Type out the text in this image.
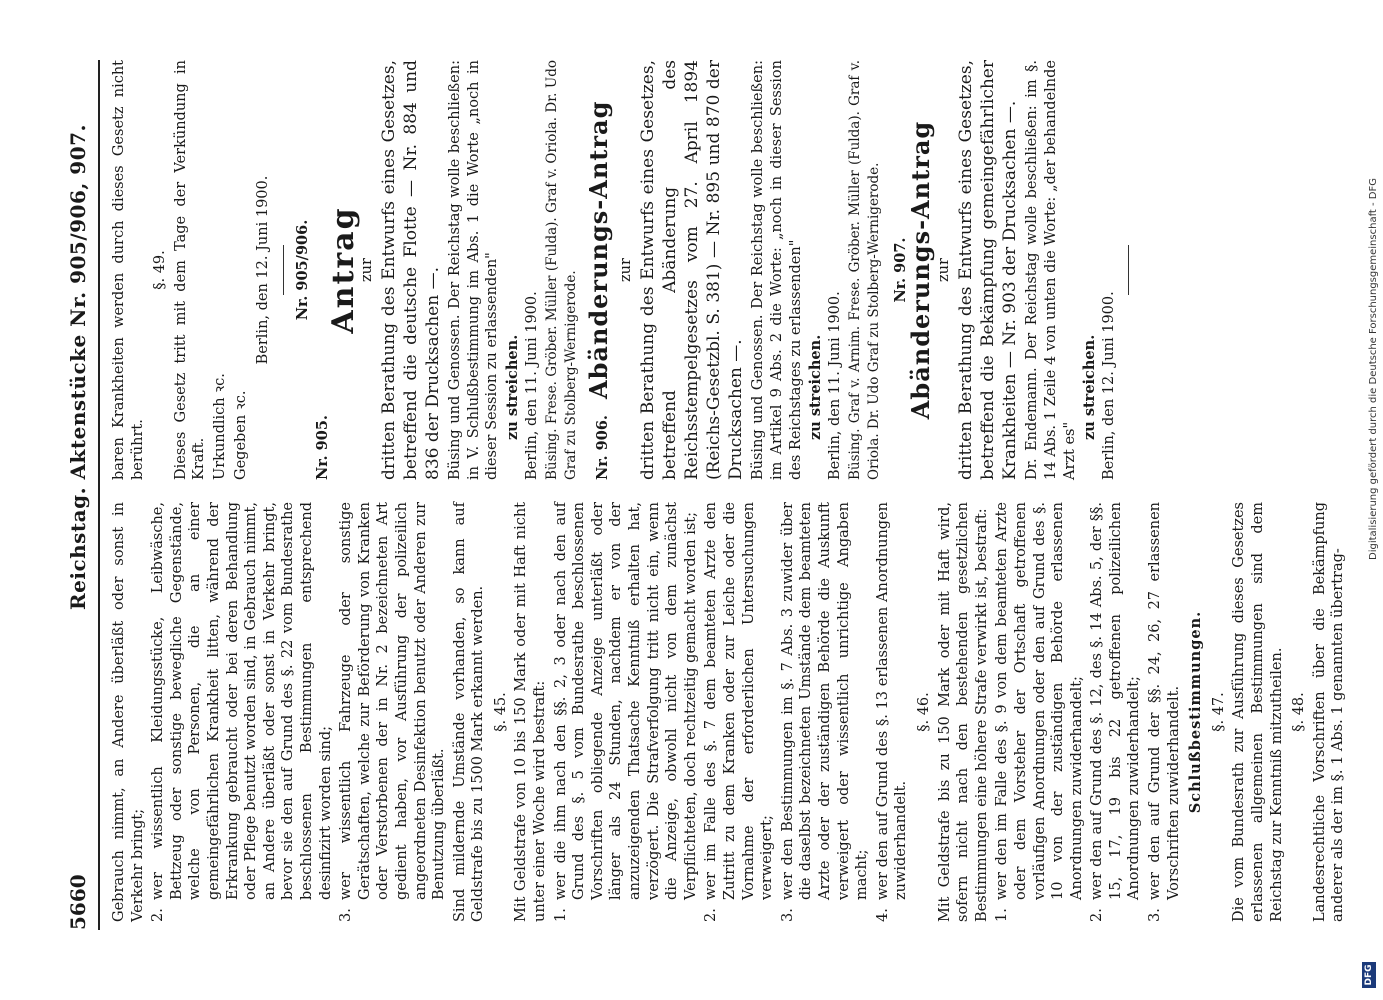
5660
Reichstag. Aktenstücke Nr. 905/906, 907.

Gebrauch nimmt, an Andere überläßt oder sonst in Verkehr bringt; 2.
wer wissentlich Kleidungsstücke, Leibwäsche, Bettzeug oder sonstige bewegliche Gegenstände, welche von Personen, die an einer gemeingefährlichen Krankheit litten, während der Erkrankung gebraucht oder bei deren Behandlung oder Pflege benutzt worden sind, in Gebrauch nimmt, an Andere überläßt oder sonst in Verkehr bringt, bevor sie den auf Grund des §. 22 vom Bundesrathe beschlossenen Bestimmungen entsprechend desinfizirt worden sind;
3.
wer wissentlich Fahrzeuge oder sonstige Gerätschaften, welche zur Beförderung von Kranken oder Verstorbenen der in Nr. 2 bezeichneten Art gedient haben, vor Ausführung der polizeilich angeordneten Desinfektion benutzt oder Anderen zur Benutzung überläßt. Sind mildernde Umstände vorhanden, so kann auf Geldstrafe bis zu 1500 Mark erkannt werden. §. 45. Mit Geldstrafe von 10 bis 150 Mark oder mit Haft nicht unter einer Woche wird bestraft: 1.
wer die ihm nach den §§. 2, 3 oder nach den auf Grund des §. 5 vom Bundesrathe beschlossenen Vorschriften obliegende Anzeige unterläßt oder länger als 24 Stunden, nachdem er von der anzuzeigenden Thatsache Kenntniß erhalten hat, verzögert. Die Strafverfolgung tritt nicht ein, wenn die Anzeige, obwohl nicht von dem zunächst Verpflichteten, doch rechtzeitig gemacht worden ist;
2.
wer im Falle des §. 7 dem beamteten Arzte den Zutritt zu dem Kranken oder zur Leiche oder die Vornahme der erforderlichen Untersuchungen verweigert;
3.
wer den Bestimmungen im §. 7 Abs. 3 zuwider über die daselbst bezeichneten Umstände dem beamteten Arzte oder der zuständigen Behörde die Auskunft verweigert oder wissentlich unrichtige Angaben macht;
4.
wer den auf Grund des §. 13 erlassenen Anordnungen zuwiderhandelt.
§. 46. Mit Geldstrafe bis zu 150 Mark oder mit Haft wird, sofern nicht nach den bestehenden gesetzlichen Bestimmungen eine höhere Strafe verwirkt ist, bestraft: 1.
wer den im Falle des §. 9 von dem beamteten Arzte oder dem Vorsteher der Ortschaft getroffenen vorläufigen Anordnungen oder den auf Grund des §. 10 von der zuständigen Behörde erlassenen Anordnungen zuwiderhandelt;
2.
wer den auf Grund des §. 12, des §. 14 Abs. 5, der §§. 15, 17, 19 bis 22 getroffenen polizeilichen Anordnungen zuwiderhandelt;
3.
wer den auf Grund der §§. 24, 26, 27 erlassenen Vorschriften zuwiderhandelt. Schlußbestimmungen. §. 47. Die vom Bundesrath zur Ausführung dieses Gesetzes erlassenen allgemeinen Bestimmungen sind dem Reichstag zur Kenntniß mitzutheilen. §. 48. Landesrechtliche Vorschriften über die Bekämpfung anderer als der im §. 1 Abs. 1 genannten übertrag-

baren Krankheiten werden durch dieses Gesetz nicht berührt.

§. 49. Dieses Gesetz tritt mit dem Tage der Verkündung in Kraft. Urkundlich ꝛc. Gegeben ꝛc.

Berlin, den 12. Juni 1900. Nr. 905/906.
Nr. 905.
Antrag
zur dritten Berathung des Entwurfs eines Gesetzes, betreffend die deutsche Flotte — Nr. 884 und 836 der Drucksachen —. Büsing und Genossen. Der Reichstag wolle beschließen: in V. Schlußbestimmung im Abs. 1 die Worte „noch in dieser Session zu erlassenden" zu streichen. Berlin, den 11. Juni 1900. Büsing. Frese. Gröber. Müller (Fulda). Graf v. Oriola. Dr. Udo Graf zu Stolberg-Wernigerode. Nr. 906.
Abänderungs-Antrag zur dritten Berathung des Entwurfs eines Gesetzes, betreffend Abänderung des Reichsstempelgesetzes vom 27. April 1894 (Reichs-Gesetzbl. S. 381) — Nr. 895 und 870 der Drucksachen —. Büsing und Genossen. Der Reichstag wolle beschließen: im Artikel 9 Abs. 2 die Worte: „noch in dieser Session des Reichstages zu erlassenden" zu streichen. Berlin, den 11. Juni 1900. Büsing. Graf v. Arnim. Frese. Gröber. Müller (Fulda). Graf v. Oriola. Dr. Udo Graf zu Stolberg-Wernigerode. Nr. 907.
Abänderungs-Antrag zur dritten Berathung des Entwurfs eines Gesetzes, betreffend die Bekämpfung gemeingefährlicher Krankheiten — Nr. 903 der Drucksachen —. Dr. Endemann. Der Reichstag wolle beschließen: im §. 14 Abs. 1 Zeile 4 von unten die Worte: „der behandelnde Arzt es"

zu streichen. Berlin, den 12. Juni 1900.	Digitalisierung gefördert durch die Deutsche Forschungsgemeinschaft - DFG
DFG
